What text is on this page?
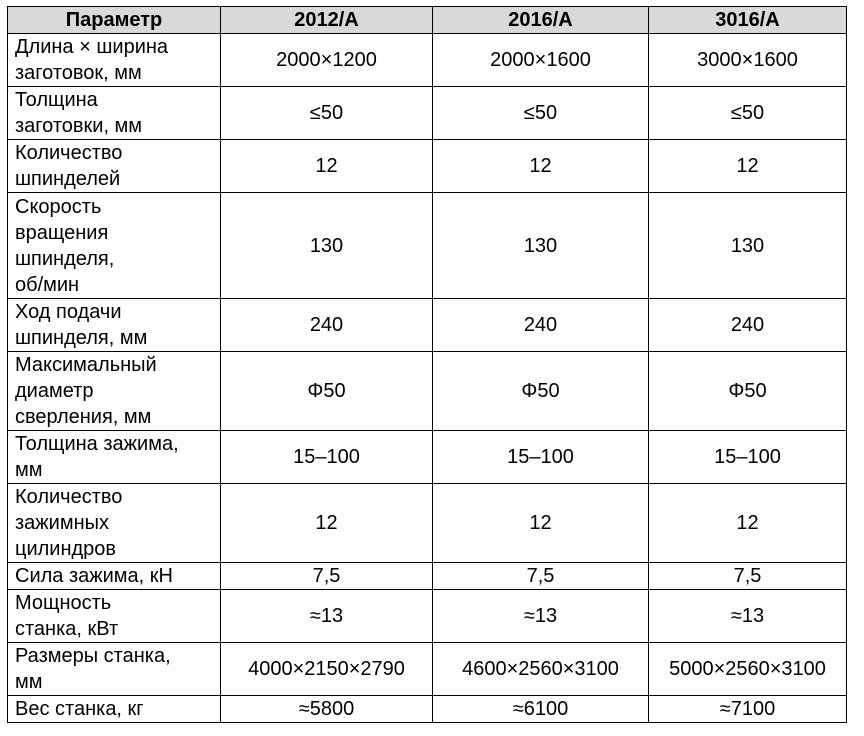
Параметр	2012/А	2016/А	3016/А
Длина × ширина
заготовок, мм	2000×1200	2000×1600	3000×1600
Толщина
заготовки, мм	≤50	≤50	≤50
Количество
шпинделей	12	12	12
Скорость
вращения
шпинделя,
об/мин	130	130	130
Ход подачи
шпинделя, мм	240	240	240
Максимальный
диаметр
сверления, мм	Φ50	Φ50	Φ50
Толщина зажима,
мм	15–100	15–100	15–100
Количество
зажимных
цилиндров	12	12	12
Сила зажима, кН	7,5	7,5	7,5
Мощность
станка, кВт	≈13	≈13	≈13
Размеры станка,
мм	4000×2150×2790	4600×2560×3100	5000×2560×3100
Вес станка, кг	≈5800	≈6100	≈7100
